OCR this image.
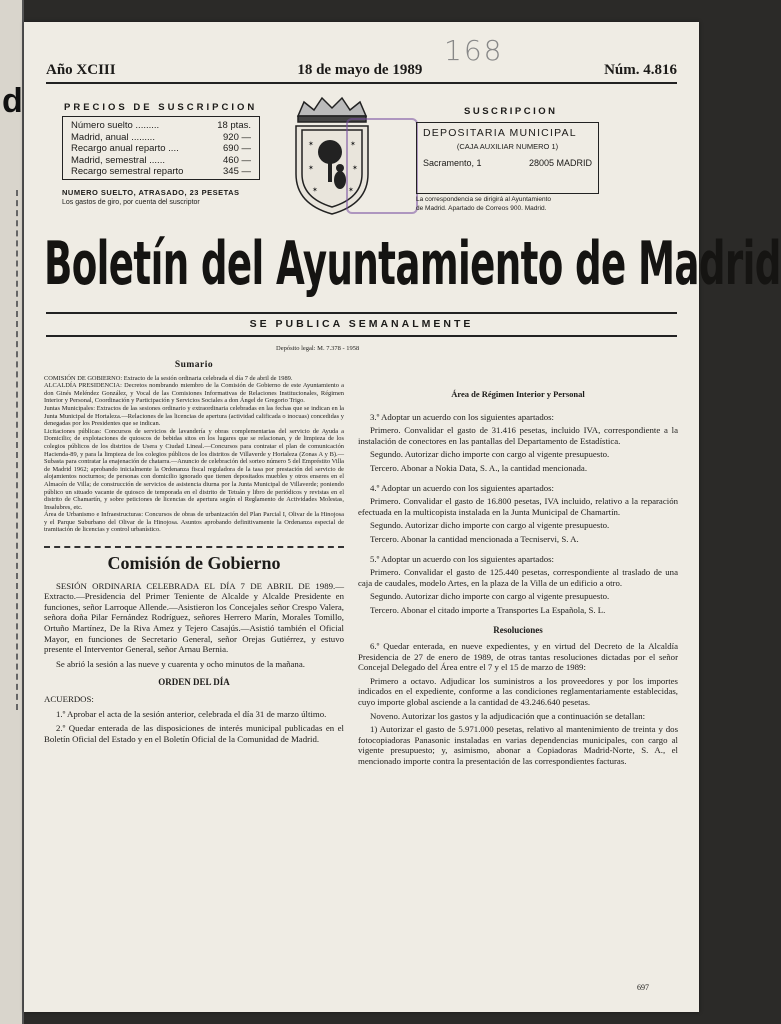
d
168
Año XCIII	18 de mayo de 1989	Núm. 4.816
PRECIOS DE SUSCRIPCION
Número suelto .........	18 ptas.
Madrid, anual .........	920 —
Recargo anual reparto ....	690 —
Madrid, semestral ......	460 —
Recargo semestral reparto	345 —
NUMERO SUELTO, ATRASADO, 23 PESETAS
Los gastos de giro, por cuenta del suscriptor
✶	✶
✶	✶
✶	✶
SUSCRIPCION
DEPOSITARIA MUNICIPAL
(CAJA AUXILIAR NUMERO 1)
Sacramento, 1	28005 MADRID
La correspondencia se dirigirá al Ayuntamiento
de Madrid. Apartado de Correos 900. Madrid.
Boletín del Ayuntamiento de Madrid
SE PUBLICA SEMANALMENTE
Depósito legal: M. 7.378 - 1958
Sumario

COMISIÓN DE GOBIERNO: Extracto de la sesión ordinaria celebrada el día 7 de abril de 1989.

ALCALDÍA PRESIDENCIA: Decretos nombrando miembro de la Comisión de Gobierno de este Ayuntamiento a don Ginés Meléndez González, y Vocal de las Comisiones Informativas de Relaciones Institucionales, Régimen Interior y Personal, Coordinación y Participación y Servicios Sociales a don Ángel de Gregorio Trigo.

Juntas Municipales: Extractos de las sesiones ordinario y extraordinaria celebradas en las fechas que se indican en la Junta Municipal de Hortaleza.—Relaciones de las licencias de apertura (actividad calificada o inocuas) concedidas y denegadas por los Presidentes que se indican.

Licitaciones públicas: Concursos de servicios de lavandería y obras complementarias del servicio de Ayuda a Domicilio; de explotaciones de quioscos de bebidas sitos en los lugares que se relacionan, y de limpieza de los colegios públicos de los distritos de Usera y Ciudad Lineal.—Concursos para contratar el plan de comunicación Hacienda-89, y para la limpieza de los colegios públicos de los distritos de Villaverde y Hortaleza (Zonas A y B).—Subasta para contratar la enajenación de chatarra.—Anuncio de celebración del sorteo número 5 del Empréstito Villa de Madrid 1962; aprobando inicialmente la Ordenanza fiscal reguladora de la tasa por prestación del servicio de alojamientos nocturnos; de personas con domicilio ignorado que tienen depositados muebles y otros enseres en el Almacén de Villa; de construcción de servicios de asistencia diurna por la Junta Municipal de Villaverde; poniendo público un situado vacante de quiosco de temporada en el distrito de Tetuán y libro de periódicos y revistas en el distrito de Chamartín, y sobre peticiones de licencias de apertura según el Reglamento de Actividades Molestas, Insalubres, etc.

Área de Urbanismo e Infraestructuras: Concursos de obras de urbanización del Plan Parcial I, Olivar de la Hinojosa y el Parque Suburbano del Olivar de la Hinojosa. Asuntos aprobando definitivamente la Ordenanza especial de tramitación de licencias y control urbanístico.

Comisión de Gobierno

SESIÓN ORDINARIA CELEBRADA EL DÍA 7 DE ABRIL DE 1989.—Extracto.—Presidencia del Primer Teniente de Alcalde y Alcalde Presidente en funciones, señor Larroque Allende.—Asistieron los Concejales señor Crespo Valera, señora doña Pilar Fernández Rodríguez, señores Herrero Marín, Morales Tomillo, Ortuño Martínez, De la Riva Amez y Tejero Casajús.—Asistió también el Oficial Mayor, en funciones de Secretario General, señor Orejas Gutiérrez, y estuvo presente el Interventor General, señor Arnau Bernia.

Se abrió la sesión a las nueve y cuarenta y ocho minutos de la mañana.

ORDEN DEL DÍA

ACUERDOS:

1.º Aprobar el acta de la sesión anterior, celebrada el día 31 de marzo último.

2.º Quedar enterada de las disposiciones de interés municipal publicadas en el Boletín Oficial del Estado y en el Boletín Oficial de la Comunidad de Madrid.

Área de Régimen Interior y Personal

3.º Adoptar un acuerdo con los siguientes apartados:

Primero. Convalidar el gasto de 31.416 pesetas, incluido IVA, correspondiente a la instalación de conectores en las pantallas del Departamento de Estadística.

Segundo. Autorizar dicho importe con cargo al vigente presupuesto.

Tercero. Abonar a Nokia Data, S. A., la cantidad mencionada.

4.º Adoptar un acuerdo con los siguientes apartados:

Primero. Convalidar el gasto de 16.800 pesetas, IVA incluido, relativo a la reparación efectuada en la multicopista instalada en la Junta Municipal de Chamartín.

Segundo. Autorizar dicho importe con cargo al vigente presupuesto.

Tercero. Abonar la cantidad mencionada a Tecniservi, S. A.

5.º Adoptar un acuerdo con los siguientes apartados:

Primero. Convalidar el gasto de 125.440 pesetas, correspondiente al traslado de una caja de caudales, modelo Artes, en la plaza de la Villa de un edificio a otro.

Segundo. Autorizar dicho importe con cargo al vigente presupuesto.

Tercero. Abonar el citado importe a Transportes La Española, S. L.

Resoluciones

6.º Quedar enterada, en nueve expedientes, y en virtud del Decreto de la Alcaldía Presidencia de 27 de enero de 1989, de otras tantas resoluciones dictadas por el señor Concejal Delegado del Área entre el 7 y el 15 de marzo de 1989:

Primero a octavo. Adjudicar los suministros a los proveedores y por los importes indicados en el expediente, conforme a las condiciones reglamentariamente establecidas, cuyo importe global asciende a la cantidad de 43.246.640 pesetas.

Noveno. Autorizar los gastos y la adjudicación que a continuación se detallan:

1) Autorizar el gasto de 5.971.000 pesetas, relativo al mantenimiento de treinta y dos fotocopiadoras Panasonic instaladas en varias dependencias municipales, con cargo al vigente presupuesto; y, asimismo, abonar a Copiadoras Madrid-Norte, S. A., el mencionado importe contra la presentación de las correspondientes facturas.

697
